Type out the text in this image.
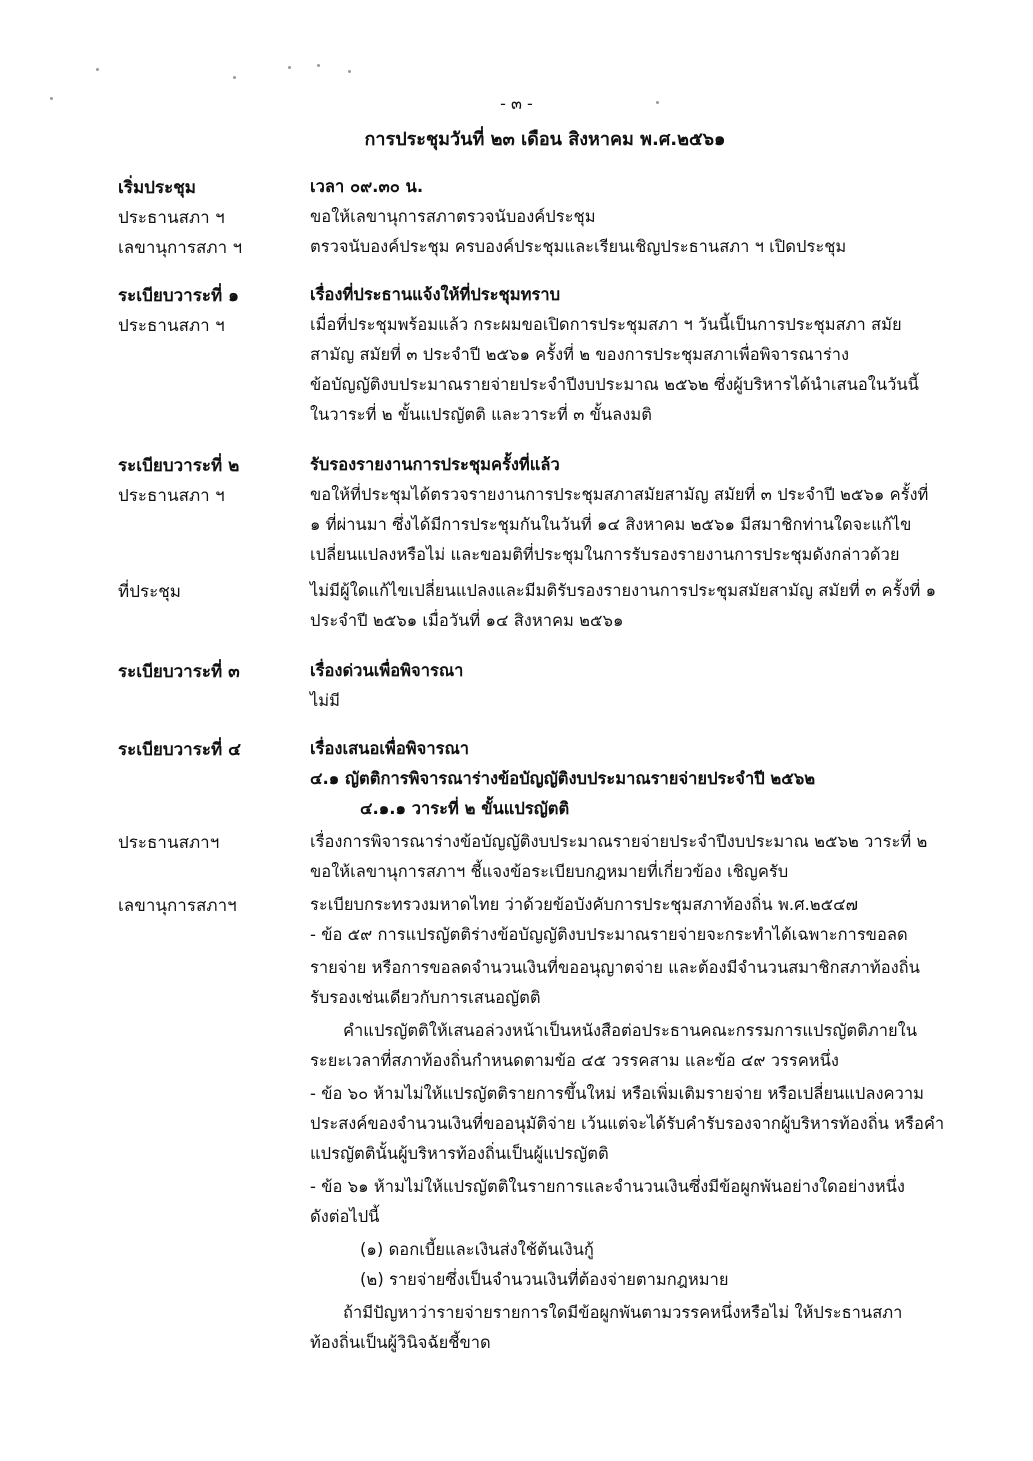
- ๓ -
การประชุมวันที่ ๒๓ เดือน สิงหาคม พ.ศ.๒๕๖๑
เริ่มประชุม	เวลา ๐๙.๓๐ น.
ประธานสภา ฯ	ขอให้เลขานุการสภาตรวจนับองค์ประชุม
เลขานุการสภา ฯ	ตรวจนับองค์ประชุม ครบองค์ประชุมและเรียนเชิญประธานสภา ฯ เปิดประชุม
ระเบียบวาระที่ ๑	เรื่องที่ประธานแจ้งให้ที่ประชุมทราบ
ประธานสภา ฯ	เมื่อที่ประชุมพร้อมแล้ว กระผมขอเปิดการประชุมสภา ฯ วันนี้เป็นการประชุมสภา สมัย
สามัญ สมัยที่ ๓ ประจำปี ๒๕๖๑ ครั้งที่ ๒ ของการประชุมสภาเพื่อพิจารณาร่าง
ข้อบัญญัติงบประมาณรายจ่ายประจำปีงบประมาณ ๒๕๖๒ ซึ่งผู้บริหารได้นำเสนอในวันนี้
ในวาระที่ ๒ ขั้นแปรญัตติ และวาระที่ ๓ ขั้นลงมติ
ระเบียบวาระที่ ๒	รับรองรายงานการประชุมครั้งที่แล้ว
ประธานสภา ฯ	ขอให้ที่ประชุมได้ตรวจรายงานการประชุมสภาสมัยสามัญ สมัยที่ ๓ ประจำปี ๒๕๖๑ ครั้งที่
๑ ที่ผ่านมา ซึ่งได้มีการประชุมกันในวันที่ ๑๔ สิงหาคม ๒๕๖๑ มีสมาชิกท่านใดจะแก้ไข
เปลี่ยนแปลงหรือไม่ และขอมติที่ประชุมในการรับรองรายงานการประชุมดังกล่าวด้วย
ที่ประชุม	ไม่มีผู้ใดแก้ไขเปลี่ยนแปลงและมีมติรับรองรายงานการประชุมสมัยสามัญ สมัยที่ ๓ ครั้งที่ ๑
ประจำปี ๒๕๖๑ เมื่อวันที่ ๑๔ สิงหาคม ๒๕๖๑
ระเบียบวาระที่ ๓	เรื่องด่วนเพื่อพิจารณา
ไม่มี
ระเบียบวาระที่ ๔	เรื่องเสนอเพื่อพิจารณา
๔.๑ ญัตติการพิจารณาร่างข้อบัญญัติงบประมาณรายจ่ายประจำปี ๒๕๖๒
๔.๑.๑ วาระที่ ๒ ขั้นแปรญัตติ
ประธานสภาฯ	เรื่องการพิจารณาร่างข้อบัญญัติงบประมาณรายจ่ายประจำปีงบประมาณ ๒๕๖๒ วาระที่ ๒
ขอให้เลขานุการสภาฯ ชี้แจงข้อระเบียบกฎหมายที่เกี่ยวข้อง เชิญครับ
เลขานุการสภาฯ	ระเบียบกระทรวงมหาดไทย ว่าด้วยข้อบังคับการประชุมสภาท้องถิ่น พ.ศ.๒๕๔๗
- ข้อ ๕๙ การแปรญัตติร่างข้อบัญญัติงบประมาณรายจ่ายจะกระทำได้เฉพาะการขอลด
รายจ่าย หรือการขอลดจำนวนเงินที่ขออนุญาตจ่าย และต้องมีจำนวนสมาชิกสภาท้องถิ่น
รับรองเช่นเดียวกับการเสนอญัตติ
คำแปรญัตติให้เสนอล่วงหน้าเป็นหนังสือต่อประธานคณะกรรมการแปรญัตติภายใน
ระยะเวลาที่สภาท้องถิ่นกำหนดตามข้อ ๔๕ วรรคสาม และข้อ ๔๙ วรรคหนึ่ง
- ข้อ ๖๐ ห้ามไม่ให้แปรญัตติรายการขึ้นใหม่ หรือเพิ่มเติมรายจ่าย หรือเปลี่ยนแปลงความ
ประสงค์ของจำนวนเงินที่ขออนุมัติจ่าย เว้นแต่จะได้รับคำรับรองจากผู้บริหารท้องถิ่น หรือคำ
แปรญัตตินั้นผู้บริหารท้องถิ่นเป็นผู้แปรญัตติ
- ข้อ ๖๑ ห้ามไม่ให้แปรญัตติในรายการและจำนวนเงินซึ่งมีข้อผูกพันอย่างใดอย่างหนึ่ง
ดังต่อไปนี้
(๑) ดอกเบี้ยและเงินส่งใช้ต้นเงินกู้
(๒) รายจ่ายซึ่งเป็นจำนวนเงินที่ต้องจ่ายตามกฎหมาย
ถ้ามีปัญหาว่ารายจ่ายรายการใดมีข้อผูกพันตามวรรคหนึ่งหรือไม่ ให้ประธานสภา
ท้องถิ่นเป็นผู้วินิจฉัยชี้ขาด
